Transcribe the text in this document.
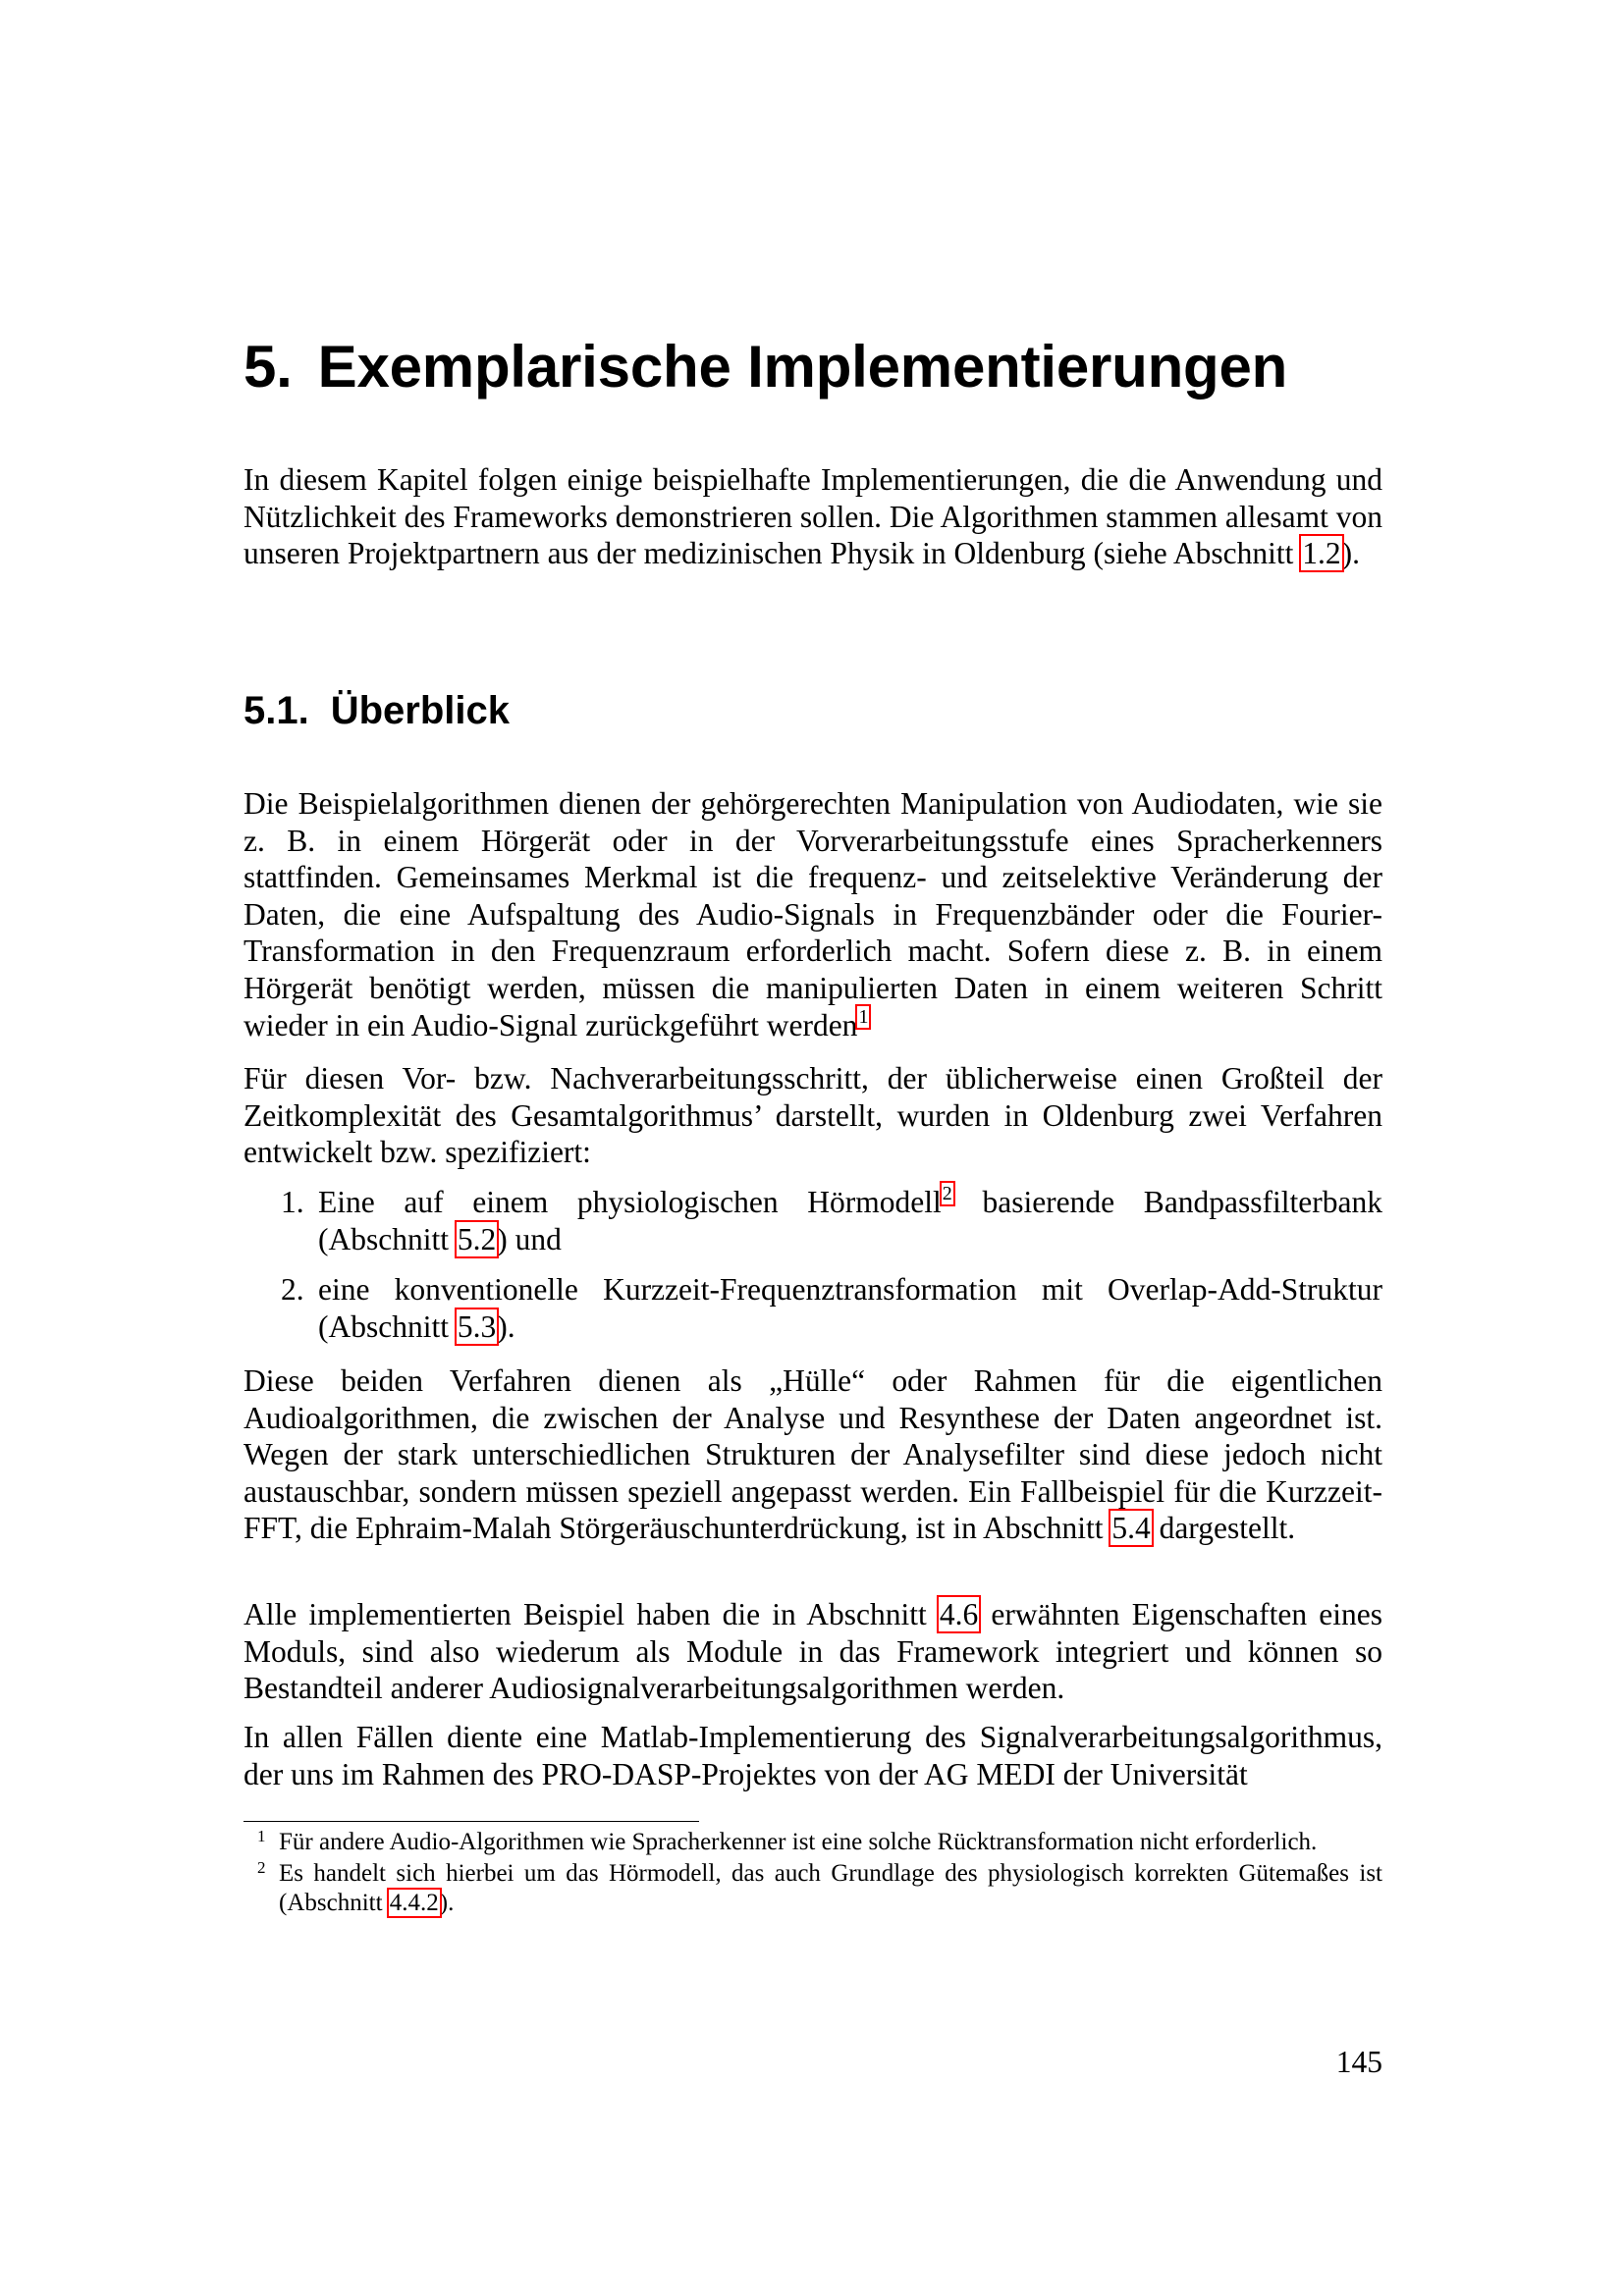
5. Exemplarische Implementierungen

In diesem Kapitel folgen einige beispielhafte Implementierungen, die die Anwendung und Nützlichkeit des Frameworks demonstrieren sollen. Die Algorithmen stammen allesamt von unseren Projektpartnern aus der medizinischen Physik in Oldenburg (siehe Abschnitt 1.2).

5.1. Überblick

Die Beispielalgorithmen dienen der gehörgerechten Manipulation von Audiodaten, wie sie z. B. in einem Hörgerät oder in der Vorverarbeitungsstufe eines Spracherkenners stattfinden. Gemeinsames Merkmal ist die frequenz- und zeitselektive Veränderung der Daten, die eine Aufspaltung des Audio-Signals in Frequenzbänder oder die Fourier-Transformation in den Frequenzraum erforderlich macht. Sofern diese z. B. in einem Hörgerät benötigt werden, müssen die manipulierten Daten in einem weiteren Schritt wieder in ein Audio-Signal zurückgeführt werden$^1$

Für diesen Vor- bzw. Nachverarbeitungsschritt, der üblicherweise einen Großteil der Zeitkomplexität des Gesamtalgorithmus’ darstellt, wurden in Oldenburg zwei Verfahren entwickelt bzw. spezifiziert:

1. Eine auf einem physiologischen Hörmodell$^2$ basierende Bandpassfilterbank (Abschnitt 5.2) und
2. eine konventionelle Kurzzeit-Frequenztransformation mit Overlap-Add-Struktur (Abschnitt 5.3).

Diese beiden Verfahren dienen als „Hülle“ oder Rahmen für die eigentlichen Audioalgorithmen, die zwischen der Analyse und Resynthese der Daten angeordnet ist. Wegen der stark unterschiedlichen Strukturen der Analysefilter sind diese jedoch nicht austauschbar, sondern müssen speziell angepasst werden. Ein Fallbeispiel für die Kurzzeit-FFT, die Ephraim-Malah Störgeräuschunterdrückung, ist in Abschnitt 5.4 dargestellt.

Alle implementierten Beispiel haben die in Abschnitt 4.6 erwähnten Eigenschaften eines Moduls, sind also wiederum als Module in das Framework integriert und können so Bestandteil anderer Audiosignalverarbeitungsalgorithmen werden.

In allen Fällen diente eine Matlab-Implementierung des Signalverarbeitungsalgorithmus, der uns im Rahmen des PRO-DASP-Projektes von der AG MEDI der Universität

1 Für andere Audio-Algorithmen wie Spracherkenner ist eine solche Rücktransformation nicht erforderlich.
2 Es handelt sich hierbei um das Hörmodell, das auch Grundlage des physiologisch korrekten Gütemaßes ist (Abschnitt 4.4.2).

145
